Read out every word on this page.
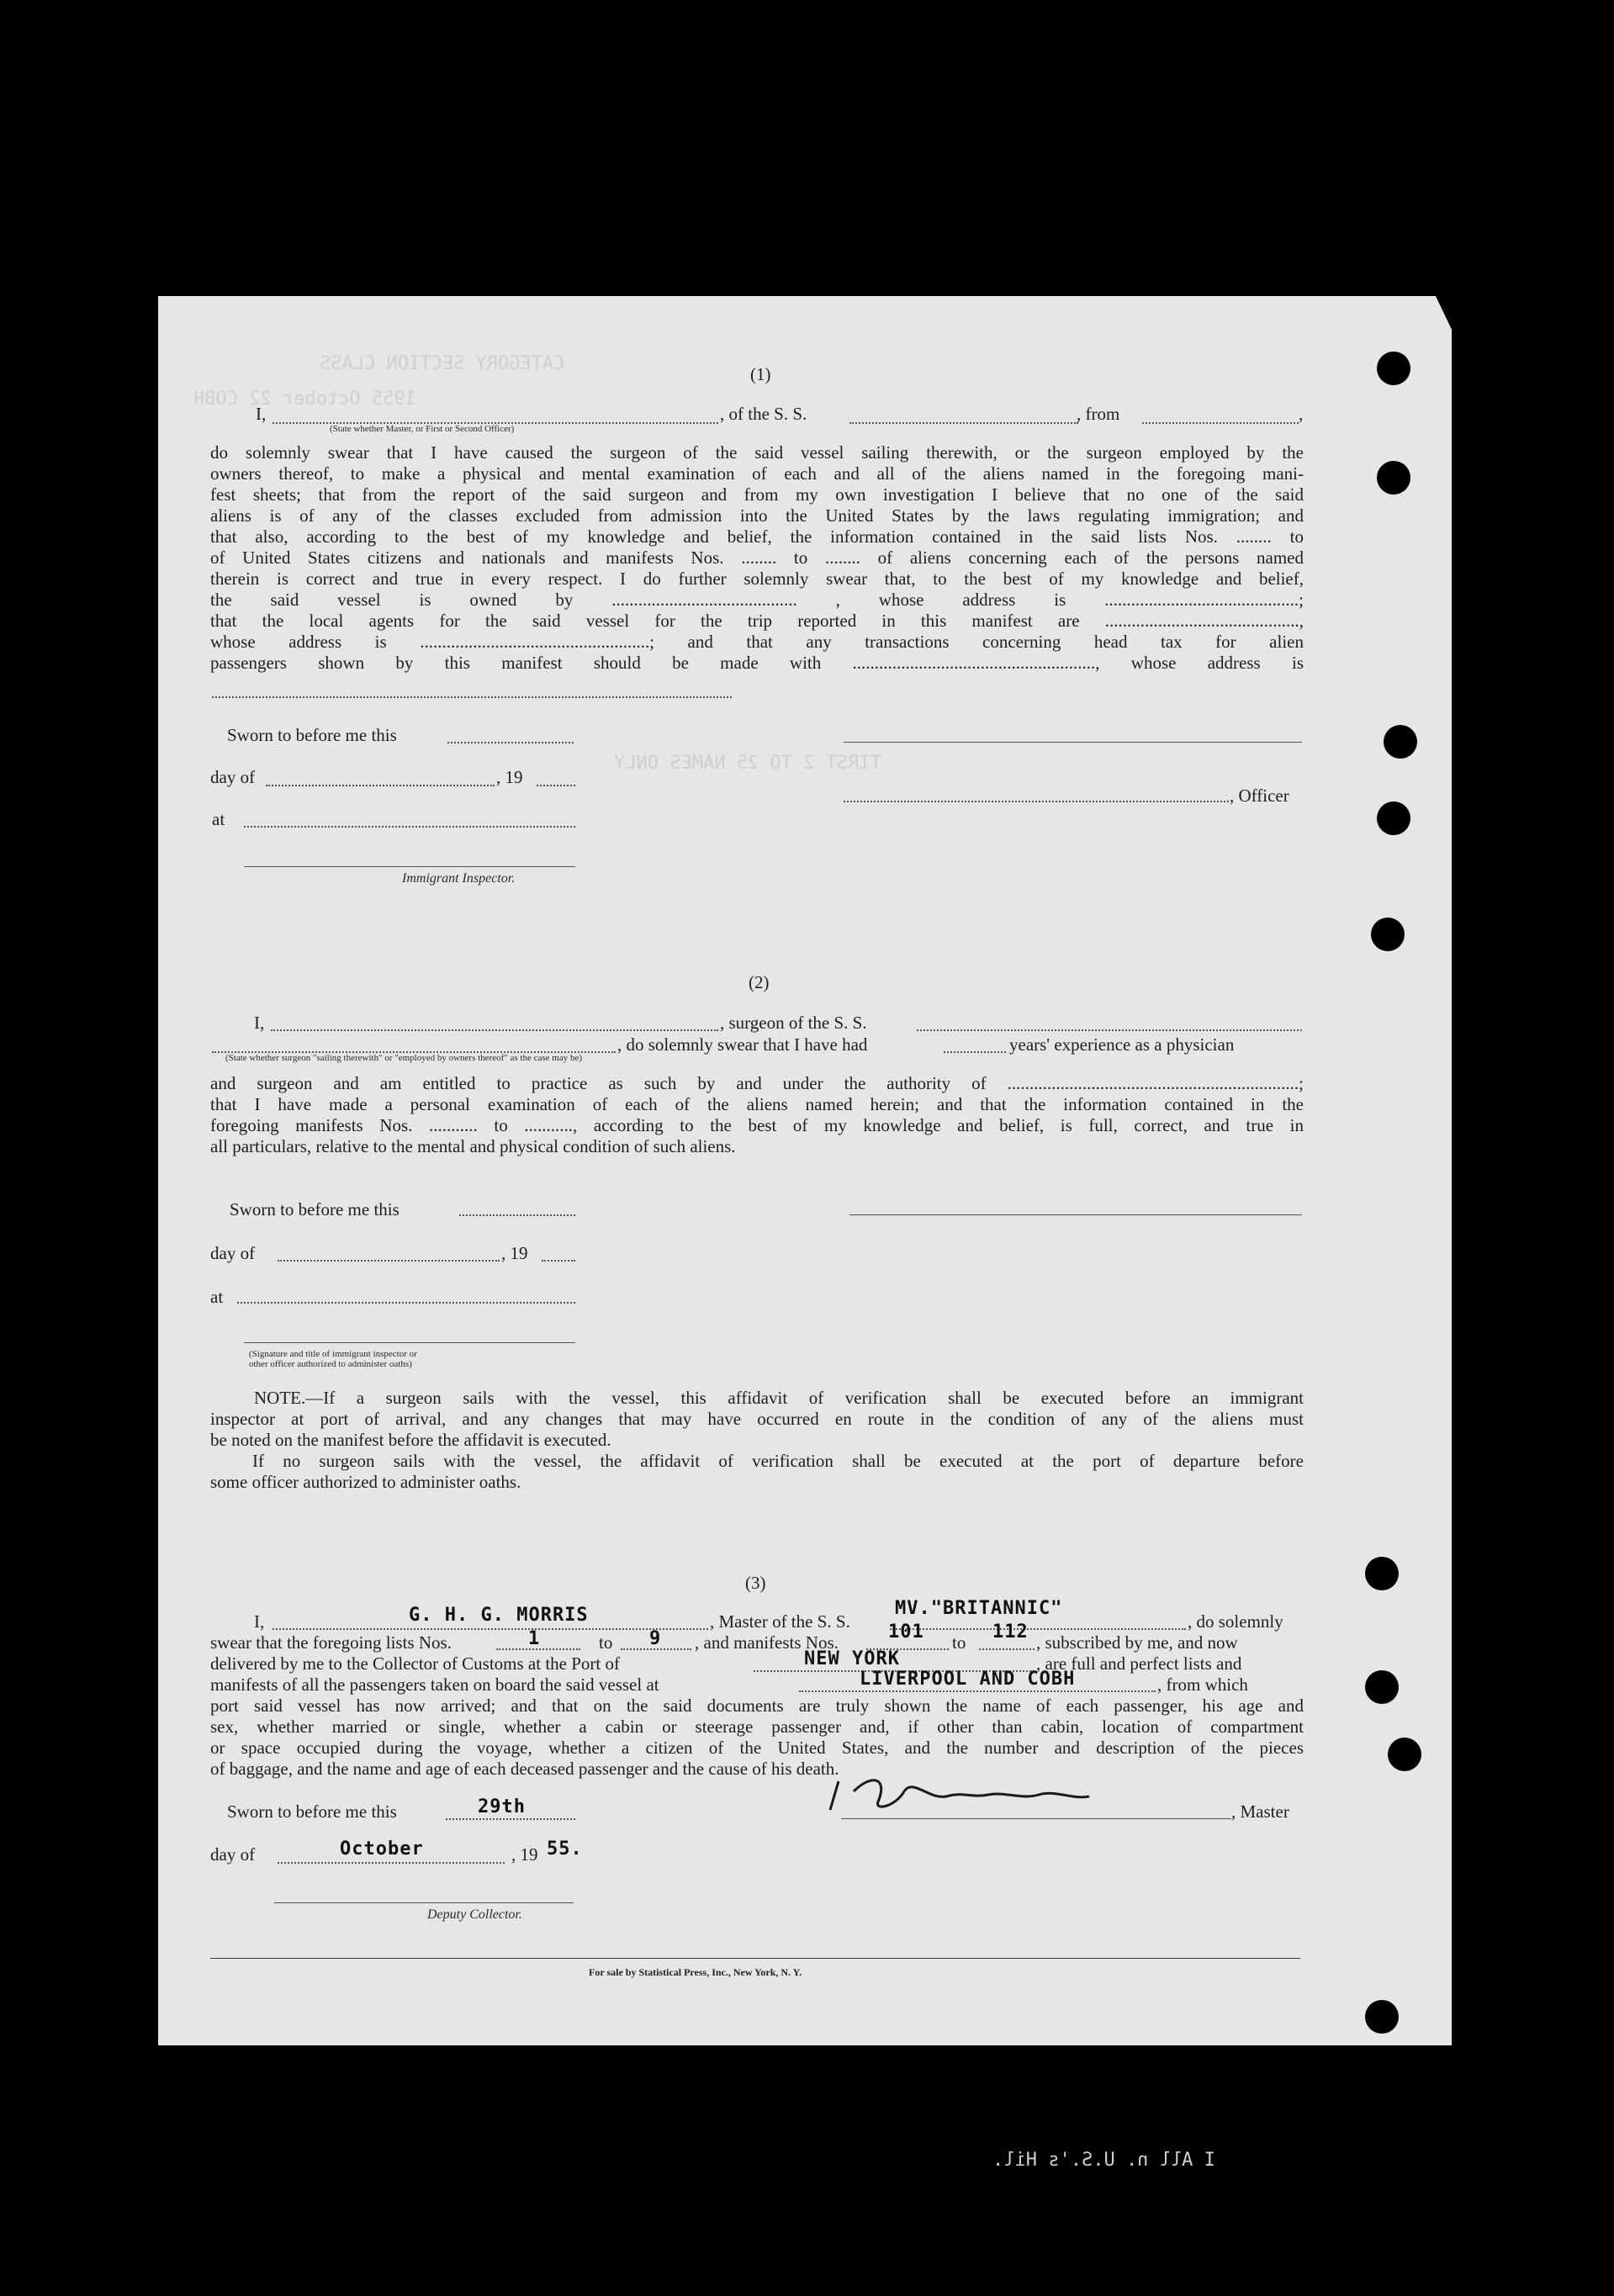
CATEGORY SECTION CLASS
1955 October 22 COBH
TIRST 2 TO 25 NAMES ONLY
I All n. U.S.'s Hil.
(1)
I,	, of the S. S.	, from	,
(State whether Master, or First or Second Officer)
do solemnly swear that I have caused the surgeon of the said vessel sailing therewith, or the surgeon employed by the
owners thereof, to make a physical and mental examination of each and all of the aliens named in the foregoing mani-
fest sheets; that from the report of the said surgeon and from my own investigation I believe that no one of the said
aliens is of any of the classes excluded from admission into the United States by the laws regulating immigration; and
that also, according to the best of my knowledge and belief, the information contained in the said lists Nos. ........ to
of United States citizens and nationals and manifests Nos. ........ to ........ of aliens concerning each of the persons named
therein is correct and true in every respect. I do further solemnly swear that, to the best of my knowledge and belief,
the said vessel is owned by .......................................... , whose address is ............................................;
that the local agents for the said vessel for the trip reported in this manifest are ............................................,
whose address is ....................................................; and that any transactions concerning head tax for alien
passengers shown by this manifest should be made with ......................................................., whose address is
Sworn to before me this
day of	, 19
, Officer
at
Immigrant Inspector.
(2)
I,	, surgeon of the S. S.
, do solemnly swear that I have had	years' experience as a physician
(State whether surgeon "sailing therewith" or "employed by owners thereof" as the case may be)
and surgeon and am entitled to practice as such by and under the authority of ..................................................................;
that I have made a personal examination of each of the aliens named herein; and that the information contained in the
foregoing manifests Nos. ........... to ..........., according to the best of my knowledge and belief, is full, correct, and true in
all particulars, relative to the mental and physical condition of such aliens.
Sworn to before me this
day of	, 19
at
(Signature and title of immigrant inspector or
other officer authorized to administer oaths)
NOTE.—If a surgeon sails with the vessel, this affidavit of verification shall be executed before an immigrant
inspector at port of arrival, and any changes that may have occurred en route in the condition of any of the aliens must
be noted on the manifest before the affidavit is executed.
If no surgeon sails with the vessel, the affidavit of verification shall be executed at the port of departure before
some officer authorized to administer oaths.
(3)
I,	G. H. G. MORRIS	, Master of the S. S.
MV."BRITANNIC"
, do solemnly
swear that the foregoing lists Nos.	1	to 9 , and manifests Nos.	101 to 112 , subscribed by me, and now
delivered by me to the Collector of Customs at the Port of	NEW YORK	, are full and perfect lists and
manifests of all the passengers taken on board the said vessel at	LIVERPOOL AND COBH	, from which
port said vessel has now arrived; and that on the said documents are truly shown the name of each passenger, his age and
sex, whether married or single, whether a cabin or steerage passenger and, if other than cabin, location of compartment
or space occupied during the voyage, whether a citizen of the United States, and the number and description of the pieces
of baggage, and the name and age of each deceased passenger and the cause of his death.
Sworn to before me this	29th	, Master
day of	October	, 19 55.
Deputy Collector.
For sale by Statistical Press, Inc., New York, N. Y.
